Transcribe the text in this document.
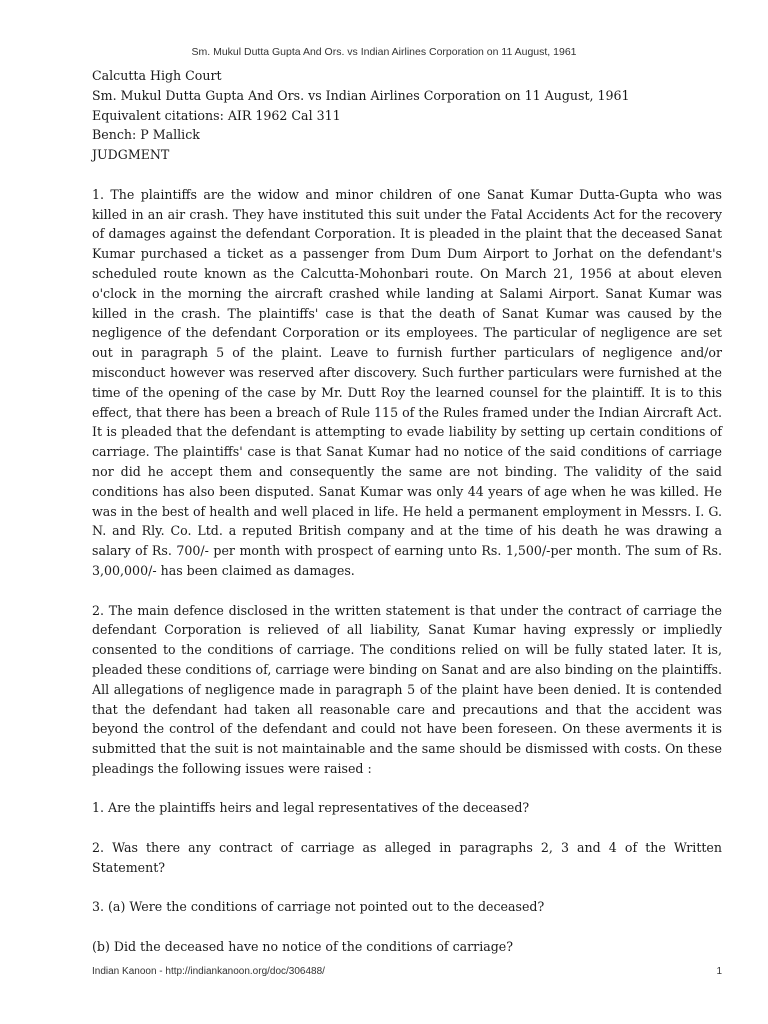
Sm. Mukul Dutta Gupta And Ors. vs Indian Airlines Corporation on 11 August, 1961

Calcutta High Court

Sm. Mukul Dutta Gupta And Ors. vs Indian Airlines Corporation on 11 August, 1961

Equivalent citations: AIR 1962 Cal 311

Bench: P Mallick

JUDGMENT

1. The plaintiffs are the widow and minor children of one Sanat Kumar Dutta-Gupta who was killed in an air crash. They have instituted this suit under the Fatal Accidents Act for the recovery of damages against the defendant Corporation. It is pleaded in the plaint that the deceased Sanat Kumar purchased a ticket as a passenger from Dum Dum Airport to Jorhat on the defendant's scheduled route known as the Calcutta-Mohonbari route. On March 21, 1956 at about eleven o'clock in the morning the aircraft crashed while landing at Salami Airport. Sanat Kumar was killed in the crash. The plaintiffs' case is that the death of Sanat Kumar was caused by the negligence of the defendant Corporation or its employees. The particular of negligence are set out in paragraph 5 of the plaint. Leave to furnish further particulars of negligence and/or misconduct however was reserved after discovery. Such further particulars were furnished at the time of the opening of the case by Mr. Dutt Roy the learned counsel for the plaintiff. It is to this effect, that there has been a breach of Rule 115 of the Rules framed under the Indian Aircraft Act. It is pleaded that the defendant is attempting to evade liability by setting up certain conditions of carriage. The plaintiffs' case is that Sanat Kumar had no notice of the said conditions of carriage nor did he accept them and consequently the same are not binding. The validity of the said conditions has also been disputed. Sanat Kumar was only 44 years of age when he was killed. He was in the best of health and well placed in life. He held a permanent employment in Messrs. I. G. N. and Rly. Co. Ltd. a reputed British company and at the time of his death he was drawing a salary of Rs. 700/- per month with prospect of earning unto Rs. 1,500/-per month. The sum of Rs. 3,00,000/- has been claimed as damages.

2. The main defence disclosed in the written statement is that under the contract of carriage the defendant Corporation is relieved of all liability, Sanat Kumar having expressly or impliedly consented to the conditions of carriage. The conditions relied on will be fully stated later. It is, pleaded these conditions of, carriage were binding on Sanat and are also binding on the plaintiffs. All allegations of negligence made in paragraph 5 of the plaint have been denied. It is contended that the defendant had taken all reasonable care and precautions and that the accident was beyond the control of the defendant and could not have been foreseen. On these averments it is submitted that the suit is not maintainable and the same should be dismissed with costs. On these pleadings the following issues were raised :

1. Are the plaintiffs heirs and legal representatives of the deceased?

2. Was there any contract of carriage as alleged in paragraphs 2, 3 and 4 of the Written Statement?

3. (a) Were the conditions of carriage not pointed out to the deceased?

(b) Did the deceased have no notice of the conditions of carriage?

Indian Kanoon - http://indiankanoon.org/doc/306488/	1
